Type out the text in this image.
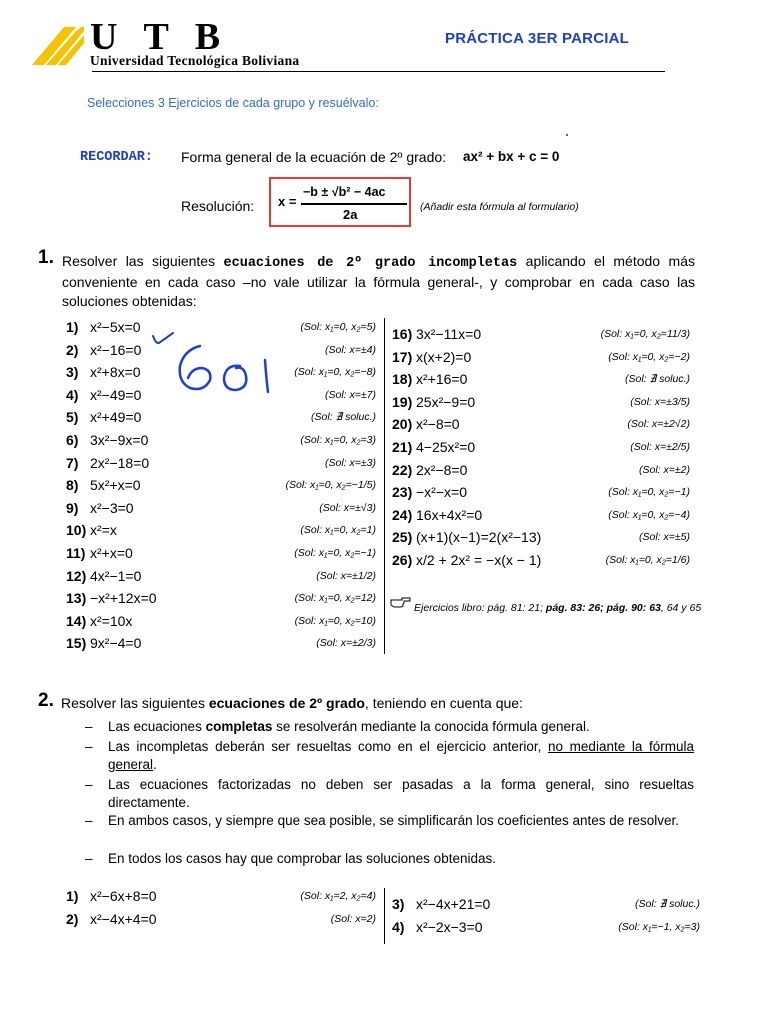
UTB
Universidad Tecnológica Boliviana
PRÁCTICA 3ER PARCIAL
Selecciones 3 Ejercicios de cada grupo y resuélvalo:
RECORDAR: Forma general de la ecuación de 2º grado: ax² + bx + c = 0
Resolución: x =
−b ± √b² − 4ac
2a	(Añadir esta fórmula al formulario)
1. Resolver las siguientes ecuaciones de 2º grado incompletas aplicando el método más conveniente en cada caso –no vale utilizar la fórmula general-, y comprobar en cada caso las soluciones obtenidas:
1) x²−5x=0	(Sol: x₁=0, x₂=5)
2) x²−16=0	(Sol: x=±4)
3) x²+8x=0	(Sol: x₁=0, x₂=−8)
4) x²−49=0	(Sol: x=±7)
5) x²+49=0	(Sol: ∄ soluc.)
6) 3x²−9x=0	(Sol: x₁=0, x₂=3)
7) 2x²−18=0	(Sol: x=±3)
8) 5x²+x=0	(Sol: x₁=0, x₂=−1/5)
9) x²−3=0	(Sol: x=±√3)
10) x²=x	(Sol: x₁=0, x₂=1)
11) x²+x=0	(Sol: x₁=0, x₂=−1)
12) 4x²−1=0	(Sol: x=±1/2)
13) −x²+12x=0	(Sol: x₁=0, x₂=12)
14) x²=10x	(Sol: x₁=0, x₂=10)
15) 9x²−4=0	(Sol: x=±2/3)
16) 3x²−11x=0	(Sol: x₁=0, x₂=11/3)
17) x(x+2)=0	(Sol: x₁=0, x₂=−2)
18) x²+16=0	(Sol: ∄ soluc.)
19) 25x²−9=0	(Sol: x=±3/5)
20) x²−8=0	(Sol: x=±2√2)
21) 4−25x²=0	(Sol: x=±2/5)
22) 2x²−8=0	(Sol: x=±2)
23) −x²−x=0	(Sol: x₁=0, x₂=−1)
24) 16x+4x²=0	(Sol: x₁=0, x₂=−4)
25) (x+1)(x−1)=2(x²−13)	(Sol: x=±5)
26) x/2 + 2x² = −x(x − 1)	(Sol: x₁=0, x₂=1/6)
Ejercicios libro: pág. 81: 21; pág. 83: 26; pág. 90: 63, 64 y 65
2. Resolver las siguientes ecuaciones de 2º grado, teniendo en cuenta que:
– Las ecuaciones completas se resolverán mediante la conocida fórmula general.
– Las incompletas deberán ser resueltas como en el ejercicio anterior, no mediante la fórmula general.
– Las ecuaciones factorizadas no deben ser pasadas a la forma general, sino resueltas directamente.
– En ambos casos, y siempre que sea posible, se simplificarán los coeficientes antes de resolver.
– En todos los casos hay que comprobar las soluciones obtenidas.
1) x²−6x+8=0	(Sol: x₁=2, x₂=4)
2) x²−4x+4=0	(Sol: x=2)
3) x²−4x+21=0	(Sol: ∄ soluc.)
4) x²−2x−3=0	(Sol: x₁=−1, x₂=3)
